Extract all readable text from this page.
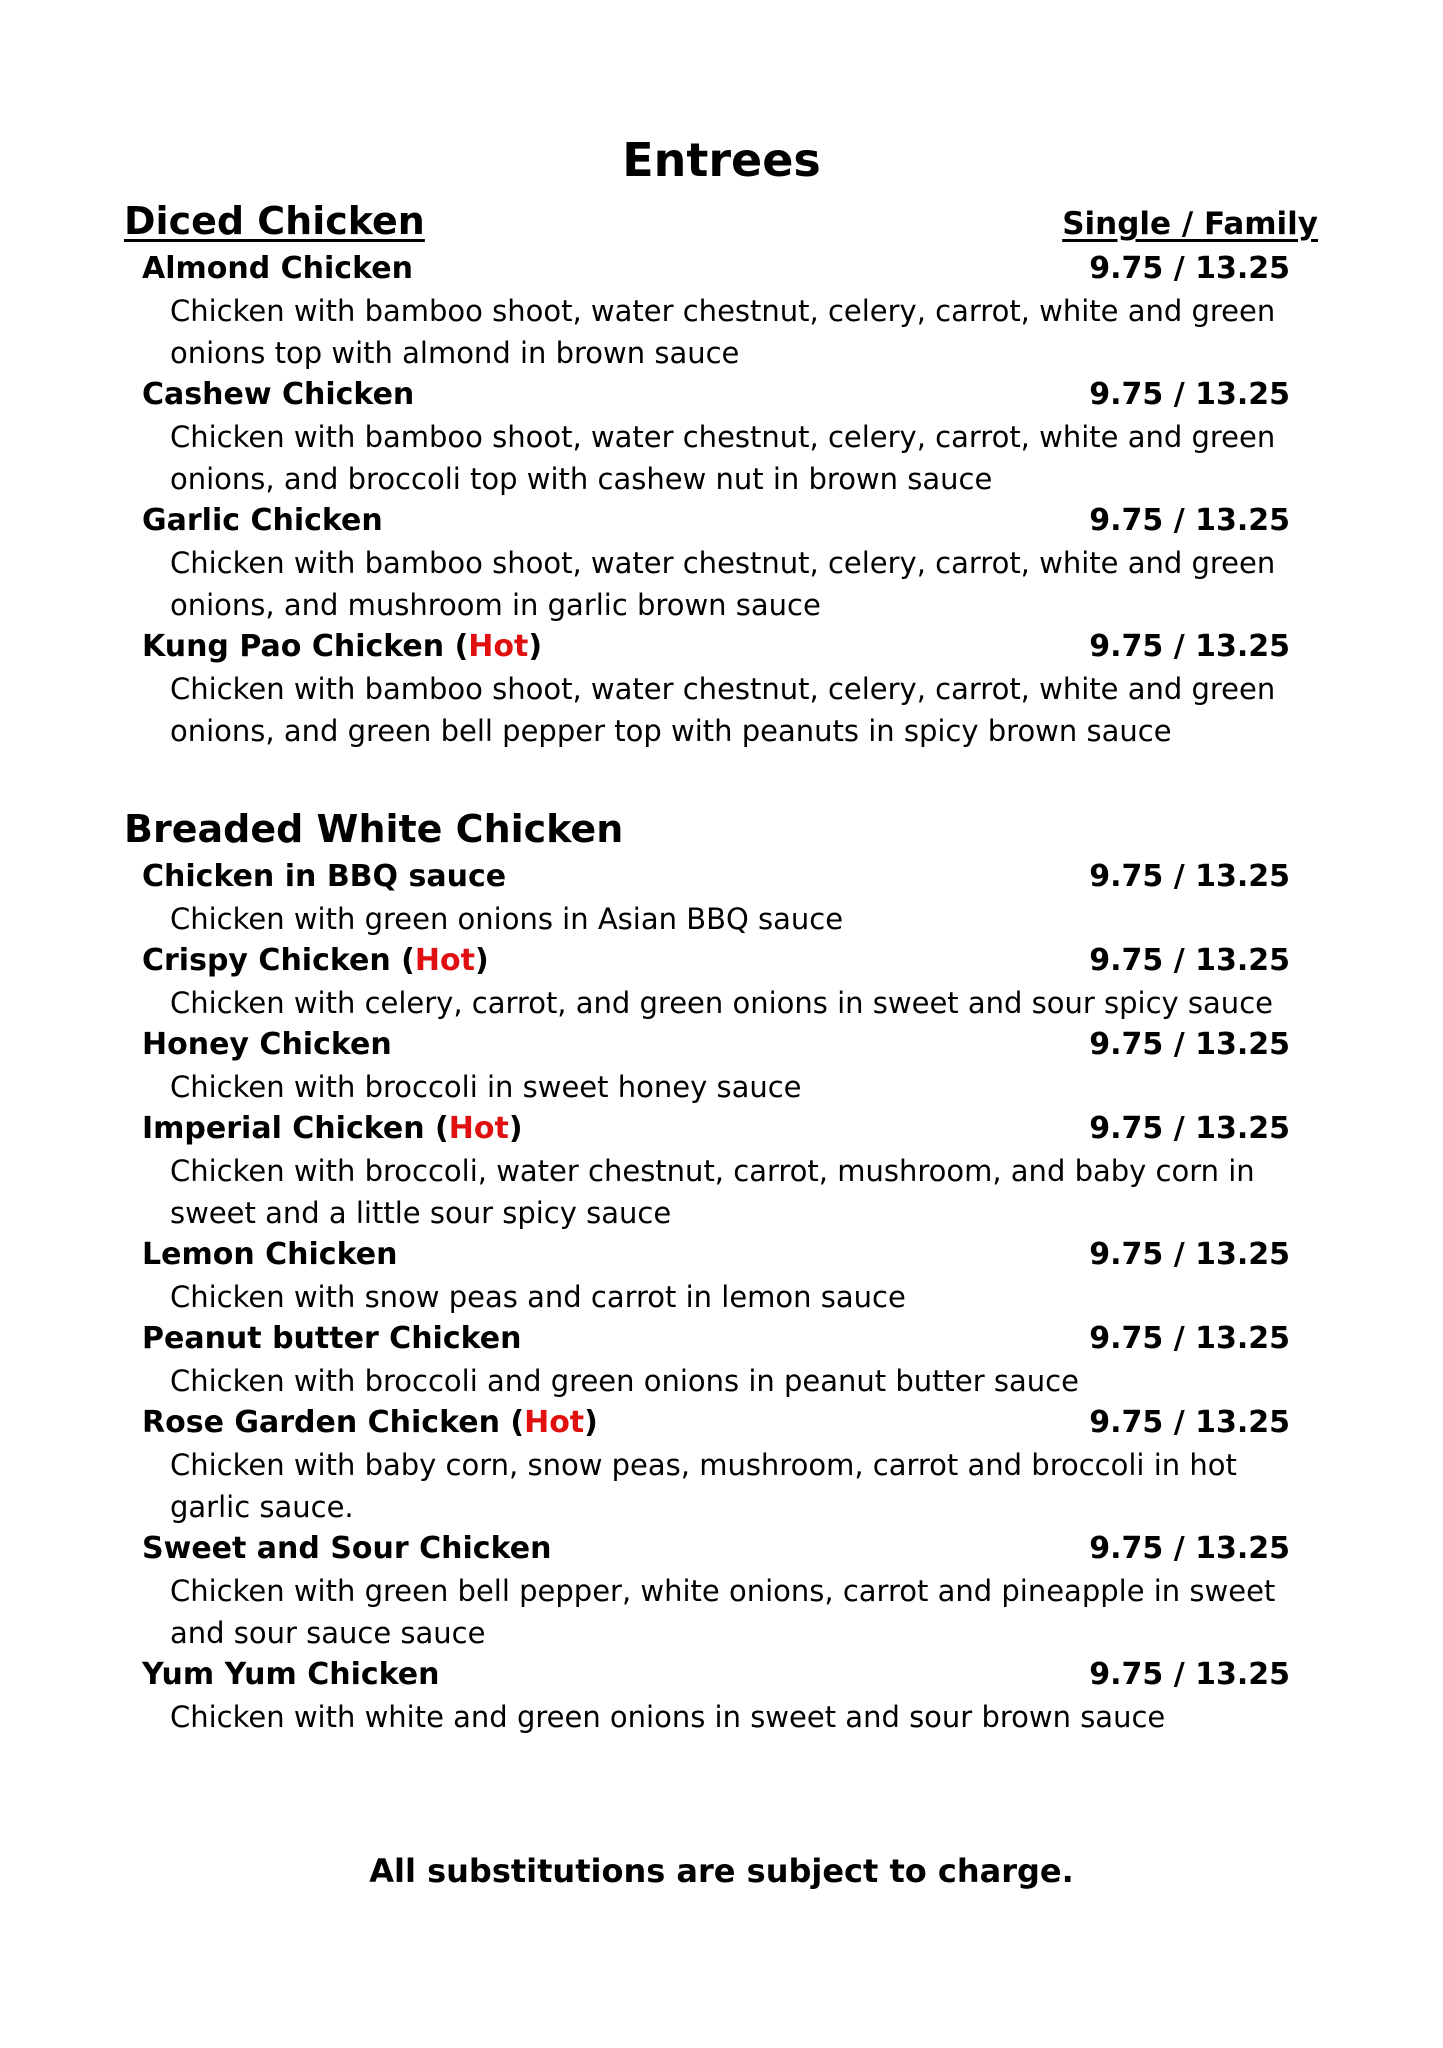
Entrees
Diced Chicken	Single / Family
Almond Chicken	9.75 / 13.25
Chicken with bamboo shoot, water chestnut, celery, carrot, white and green onions top with almond in brown sauce
Cashew Chicken	9.75 / 13.25
Chicken with bamboo shoot, water chestnut, celery, carrot, white and green onions, and broccoli top with cashew nut in brown sauce
Garlic Chicken	9.75 / 13.25
Chicken with bamboo shoot, water chestnut, celery, carrot, white and green onions, and mushroom in garlic brown sauce
Kung Pao Chicken (Hot)	9.75 / 13.25
Chicken with bamboo shoot, water chestnut, celery, carrot, white and green onions, and green bell pepper top with peanuts in spicy brown sauce
Breaded White Chicken
Chicken in BBQ sauce	9.75 / 13.25
Chicken with green onions in Asian BBQ sauce
Crispy Chicken (Hot)	9.75 / 13.25
Chicken with celery, carrot, and green onions in sweet and sour spicy sauce
Honey Chicken	9.75 / 13.25
Chicken with broccoli in sweet honey sauce
Imperial Chicken (Hot)	9.75 / 13.25
Chicken with broccoli, water chestnut, carrot, mushroom, and baby corn in sweet and a little sour spicy sauce
Lemon Chicken	9.75 / 13.25
Chicken with snow peas and carrot in lemon sauce
Peanut butter Chicken	9.75 / 13.25
Chicken with broccoli and green onions in peanut butter sauce
Rose Garden Chicken (Hot)	9.75 / 13.25
Chicken with baby corn, snow peas, mushroom, carrot and broccoli in hot garlic sauce.
Sweet and Sour Chicken	9.75 / 13.25
Chicken with green bell pepper, white onions, carrot and pineapple in sweet and sour sauce sauce
Yum Yum Chicken	9.75 / 13.25
Chicken with white and green onions in sweet and sour brown sauce
All substitutions are subject to charge.
